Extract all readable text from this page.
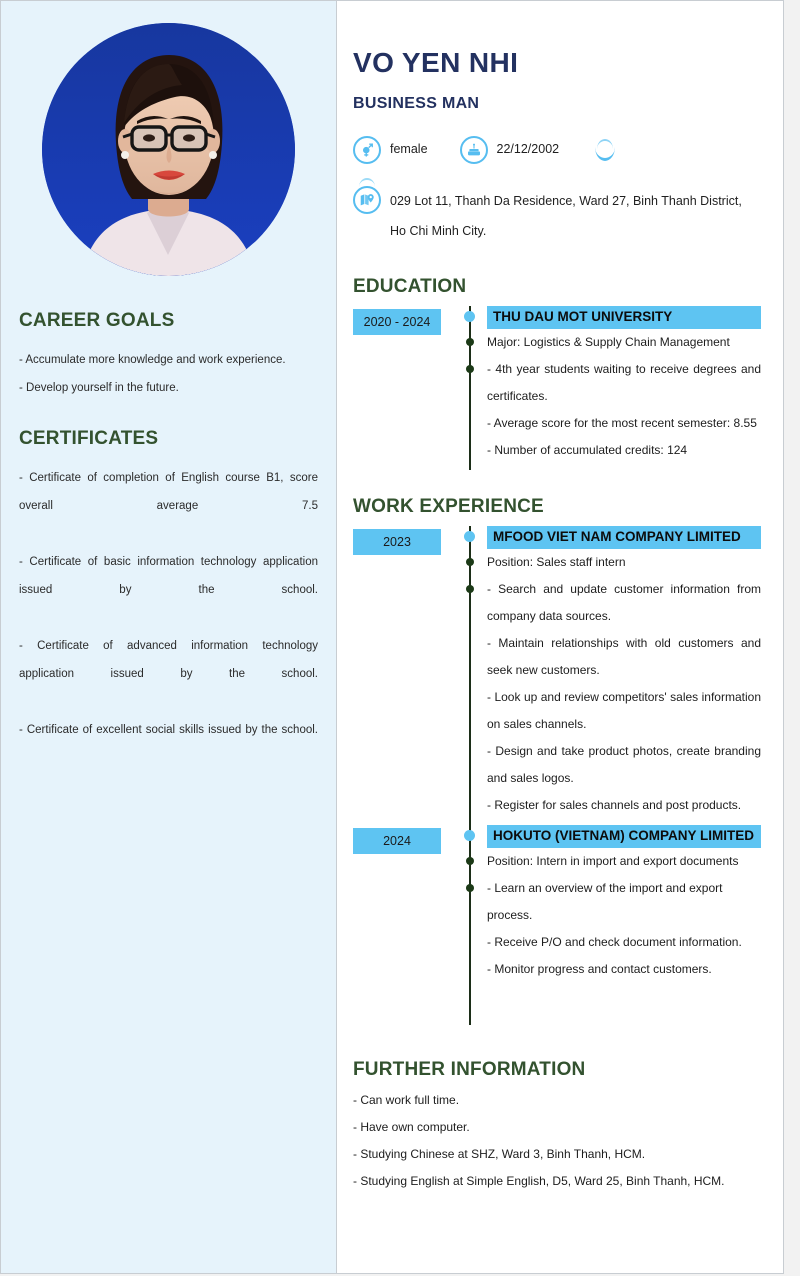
CAREER GOALS

- Accumulate more knowledge and work experience.

- Develop yourself in the future.

CERTIFICATES

- Certificate of completion of English course B1, score overall average 7.5

- Certificate of basic information technology application issued by the school.

- Certificate of advanced information technology application issued by the school.

- Certificate of excellent social skills issued by the school.

VO YEN NHI
BUSINESS MAN
female	22/12/2002
029 Lot 11, Thanh Da Residence, Ward 27, Binh Thanh District, Ho Chi Minh City.
EDUCATION
2020 - 2024	THU DAU MOT UNIVERSITY

Major: Logistics & Supply Chain Management

- 4th year students waiting to receive degrees and certificates.

- Average score for the most recent semester: 8.55

- Number of accumulated credits: 124

WORK EXPERIENCE
2023	MFOOD VIET NAM COMPANY LIMITED

Position: Sales staff intern

- Search and update customer information from company data sources.

- Maintain relationships with old customers and seek new customers.

- Look up and review competitors' sales information on sales channels.

- Design and take product photos, create branding and sales logos.

- Register for sales channels and post products.

2024	HOKUTO (VIETNAM) COMPANY LIMITED

Position: Intern in import and export documents

- Learn an overview of the import and export process.

- Receive P/O and check document information.

- Monitor progress and contact customers.

FURTHER INFORMATION

- Can work full time.

- Have own computer.

- Studying Chinese at SHZ, Ward 3, Binh Thanh, HCM.

- Studying English at Simple English, D5, Ward 25, Binh Thanh, HCM.
